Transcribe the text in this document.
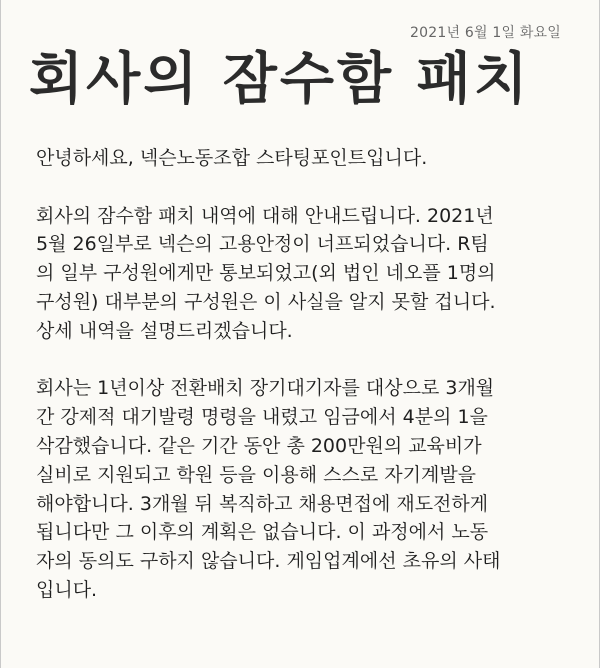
2021년 6월 1일 화요일
회사의 잠수함 패치

안녕하세요, 넥슨노동조합 스타팅포인트입니다.

회사의 잠수함 패치 내역에 대해 안내드립니다. 2021년
5월 26일부로 넥슨의 고용안정이 너프되었습니다. R팀
의 일부 구성원에게만 통보되었고(외 법인 네오플 1명의
구성원) 대부분의 구성원은 이 사실을 알지 못할 겁니다.
상세 내역을 설명드리겠습니다.

회사는 1년이상 전환배치 장기대기자를 대상으로 3개월
간 강제적 대기발령 명령을 내렸고 임금에서 4분의 1을
삭감했습니다. 같은 기간 동안 총 200만원의 교육비가
실비로 지원되고 학원 등을 이용해 스스로 자기계발을
해야합니다. 3개월 뒤 복직하고 채용면접에 재도전하게
됩니다만 그 이후의 계획은 없습니다. 이 과정에서 노동
자의 동의도 구하지 않습니다. 게임업계에선 초유의 사태
입니다.
